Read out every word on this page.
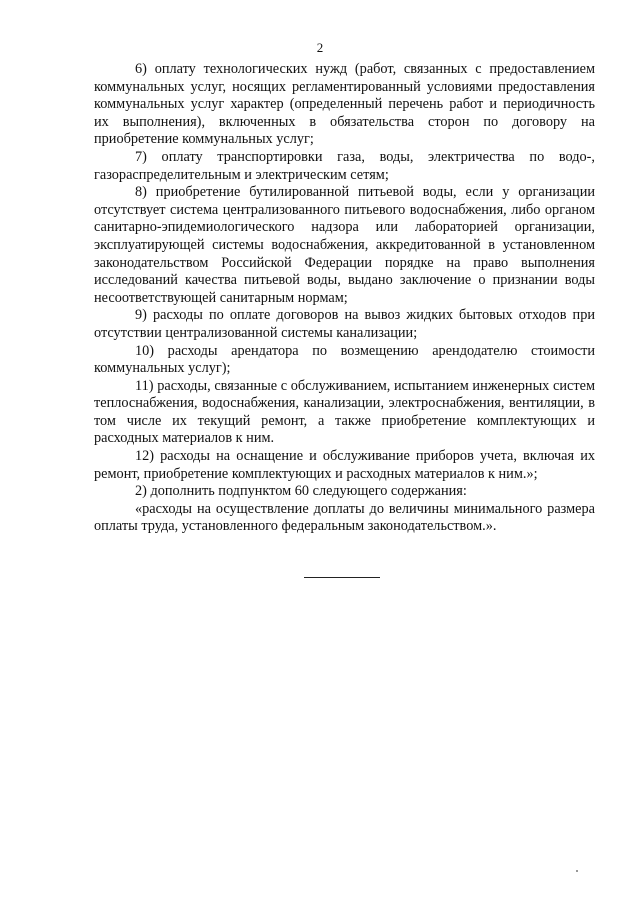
2

6) оплату технологических нужд (работ, связанных с предоставлением коммунальных услуг, носящих регламентированный условиями предоставления коммунальных услуг характер (определенный перечень работ и периодичность их выполнения), включенных в обязательства сторон по договору на приобретение коммунальных услуг;

7) оплату транспортировки газа, воды, электричества по водо-, газораспределительным и электрическим сетям;

8) приобретение бутилированной питьевой воды, если у организации отсутствует система централизованного питьевого водоснабжения, либо органом санитарно-эпидемиологического надзора или лабораторией организации, эксплуатирующей системы водоснабжения, аккредитованной в установленном законодательством Российской Федерации порядке на право выполнения исследований качества питьевой воды, выдано заключение о признании воды несоответствующей санитарным нормам;

9) расходы по оплате договоров на вывоз жидких бытовых отходов при отсутствии централизованной системы канализации;

10) расходы арендатора по возмещению арендодателю стоимости коммунальных услуг);

11) расходы, связанные с обслуживанием, испытанием инженерных систем теплоснабжения, водоснабжения, канализации, электроснабжения, вентиляции, в том числе их текущий ремонт, а также приобретение комплектующих и расходных материалов к ним.

12) расходы на оснащение и обслуживание приборов учета, включая их ремонт, приобретение комплектующих и расходных материалов к ним.»;

2) дополнить подпунктом 60 следующего содержания:

«расходы на осуществление доплаты до величины минимального размера оплаты труда, установленного федеральным законодательством.».
